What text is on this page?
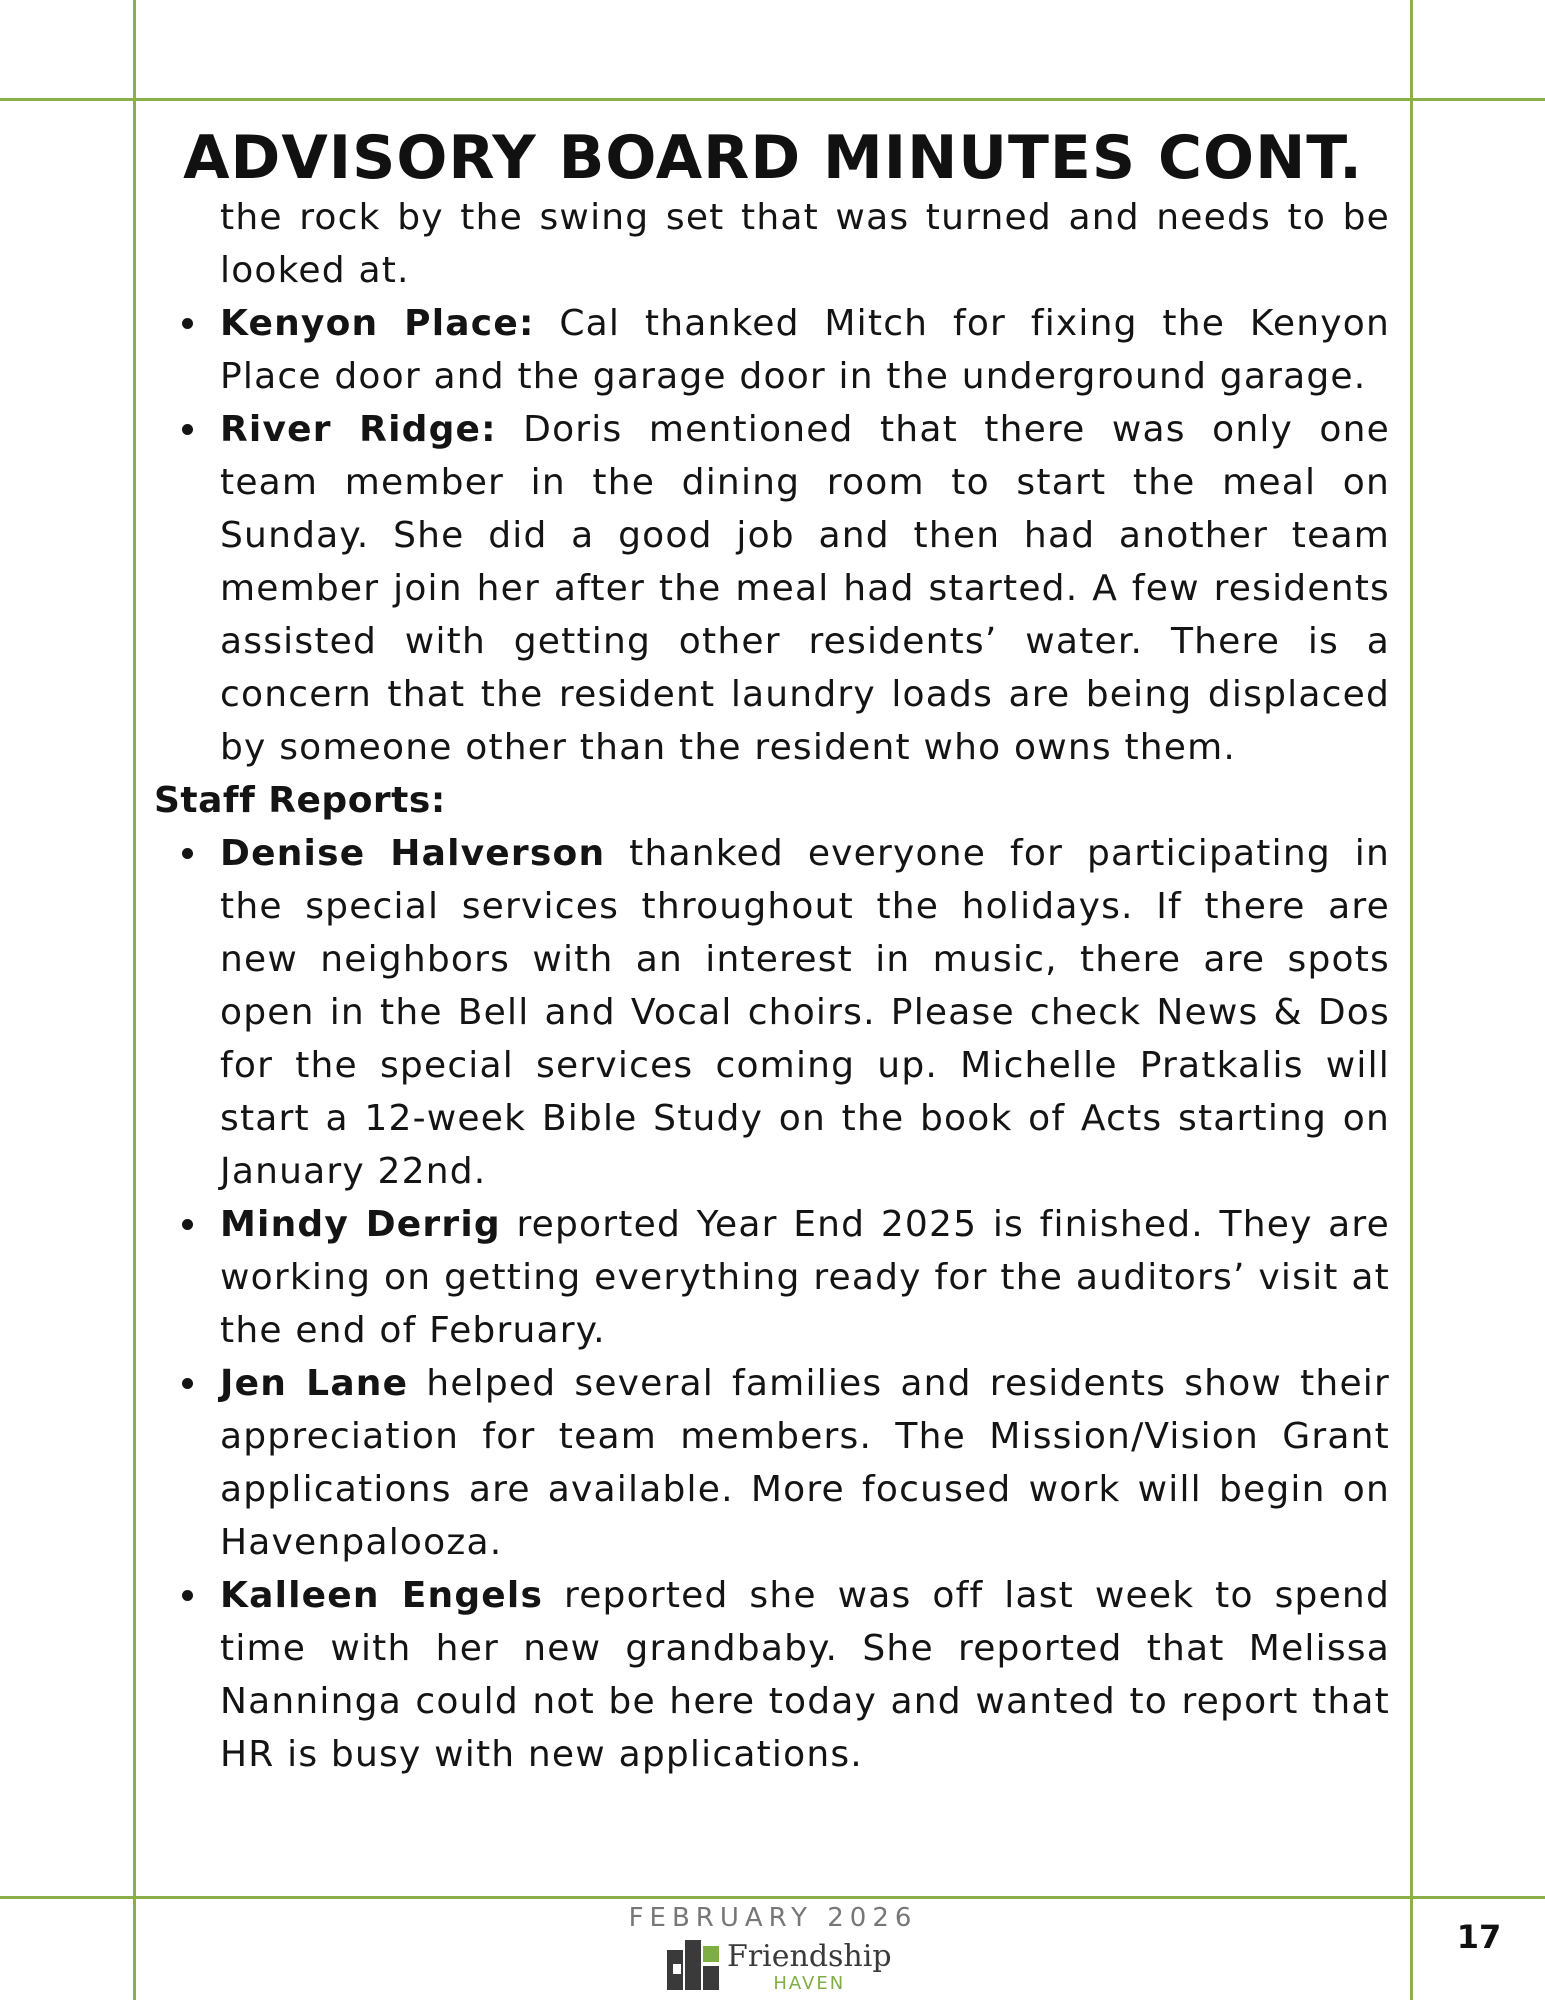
ADVISORY BOARD MINUTES CONT.

the rock by the swing set that was turned and needs to be looked at.

Kenyon Place: Cal thanked Mitch for fixing the Kenyon Place door and the garage door in the underground garage.
River Ridge: Doris mentioned that there was only one team member in the dining room to start the meal on Sunday. She did a good job and then had another team member join her after the meal had started. A few residents assisted with getting other residents’ water. There is a concern that the resident laundry loads are being displaced by someone other than the resident who owns them.

Staff Reports:

Denise Halverson thanked everyone for participating in the special services throughout the holidays. If there are new neighbors with an interest in music, there are spots open in the Bell and Vocal choirs. Please check News & Dos for the special services coming up. Michelle Pratkalis will start a 12-week Bible Study on the book of Acts starting on January 22nd.
Mindy Derrig reported Year End 2025 is finished. They are working on getting everything ready for the auditors’ visit at the end of February.
Jen Lane helped several families and residents show their appreciation for team members. The Mission/Vision Grant applications are available. More focused work will begin on Havenpalooza.
Kalleen Engels reported she was off last week to spend time with her new grandbaby. She reported that Melissa Nanninga could not be here today and wanted to report that HR is busy with new applications.
FEBRUARY 2026
Friendship
HAVEN
17
